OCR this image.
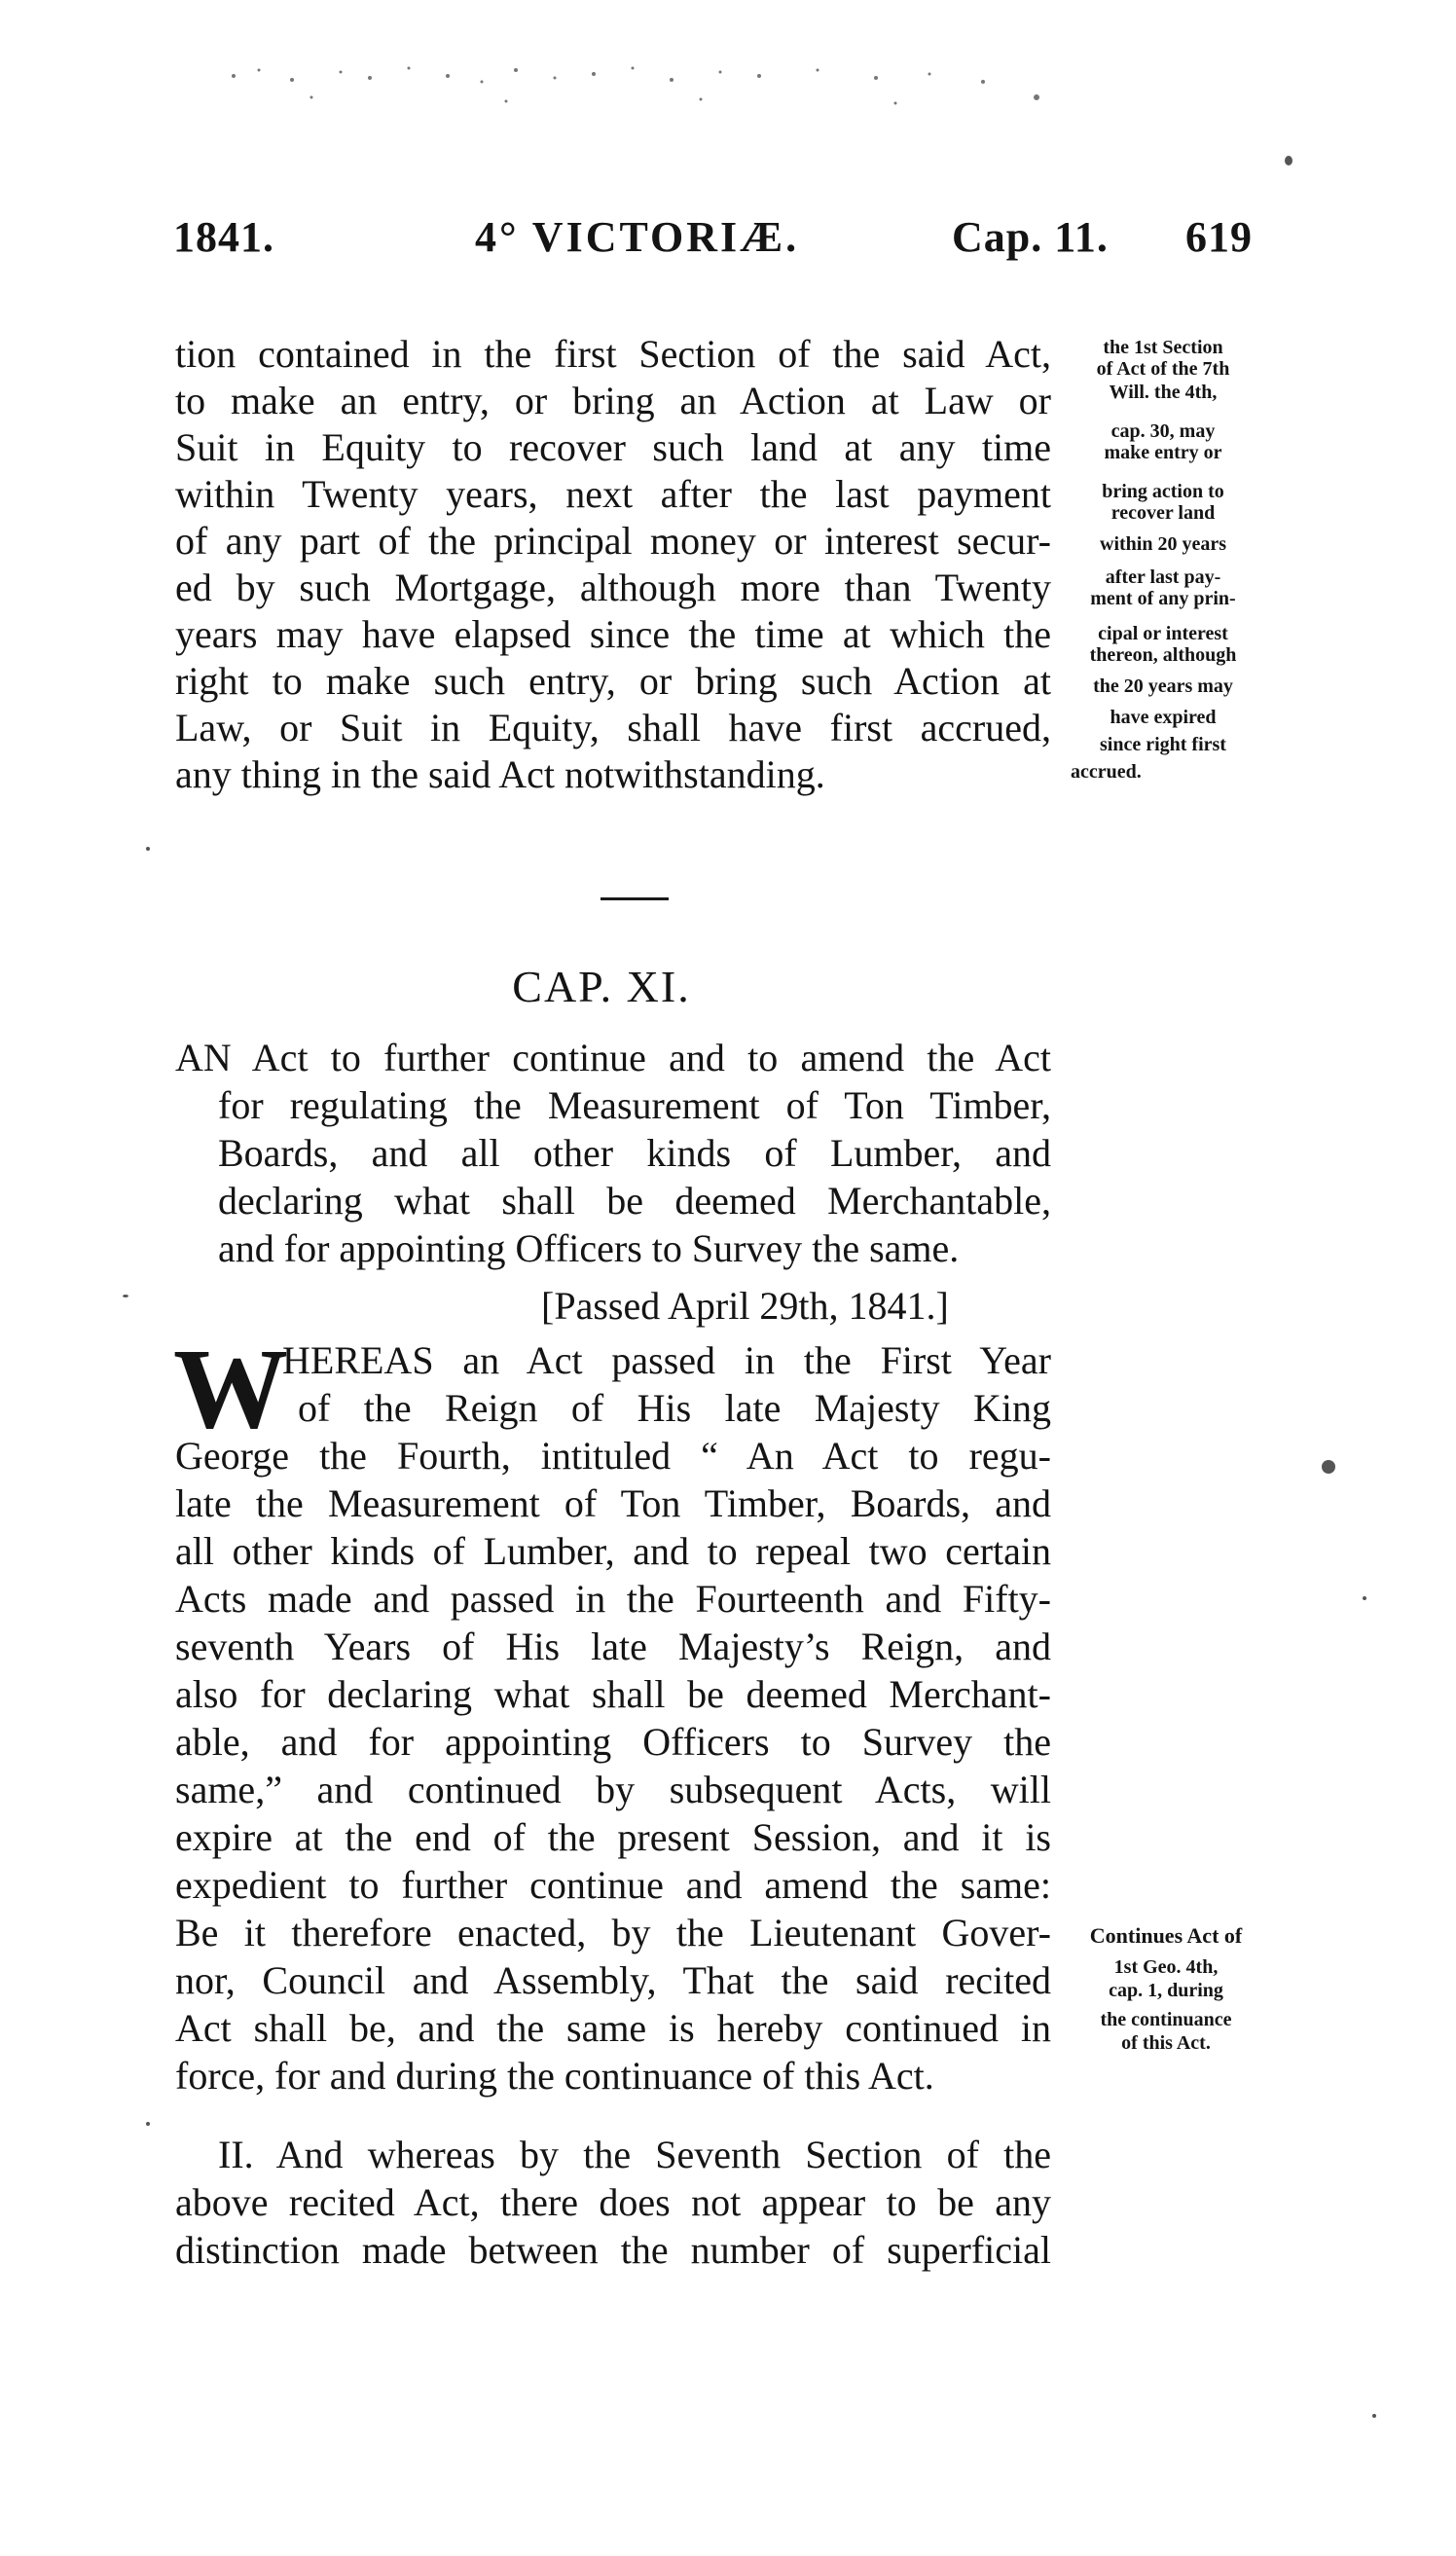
1841.	4° VICTORIÆ.	Cap. 11. 619
tion contained in the first Section of the said Act,
to make an entry, or bring an Action at Law or
Suit in Equity to recover such land at any time
within Twenty years, next after the last payment
of any part of the principal money or interest secur-
ed by such Mortgage, although more than Twenty
years may have elapsed since the time at which the
right to make such entry, or bring such Action at
Law, or Suit in Equity, shall have first accrued,
any thing in the said Act notwithstanding.
the 1st Section
of Act of the 7th
Will. the 4th,
cap. 30, may
make entry or
bring action to
recover land
within 20 years
after last pay-
ment of any prin-
cipal or interest
thereon, although
the 20 years may
have expired
since right first
accrued.
CAP. XI.
AN Act to further continue and to amend the Act
for regulating the Measurement of Ton Timber,
Boards, and all other kinds of Lumber, and
declaring what shall be deemed Merchantable,
and for appointing Officers to Survey the same.
[Passed April 29th, 1841.]
W
HEREAS an Act passed in the First Year
of the Reign of His late Majesty King
George the Fourth, intituled “ An Act to regu-
late the Measurement of Ton Timber, Boards, and
all other kinds of Lumber, and to repeal two certain
Acts made and passed in the Fourteenth and Fifty-
seventh Years of His late Majesty’s Reign, and
also for declaring what shall be deemed Merchant-
able, and for appointing Officers to Survey the
same,” and continued by subsequent Acts, will
expire at the end of the present Session, and it is
expedient to further continue and amend the same:
Be it therefore enacted, by the Lieutenant Gover-
nor, Council and Assembly, That the said recited
Act shall be, and the same is hereby continued in
force, for and during the continuance of this Act.
Continues Act of
1st Geo. 4th,
cap. 1, during
the continuance
of this Act.
II. And whereas by the Seventh Section of the
above recited Act, there does not appear to be any
distinction made between the number of superficial
